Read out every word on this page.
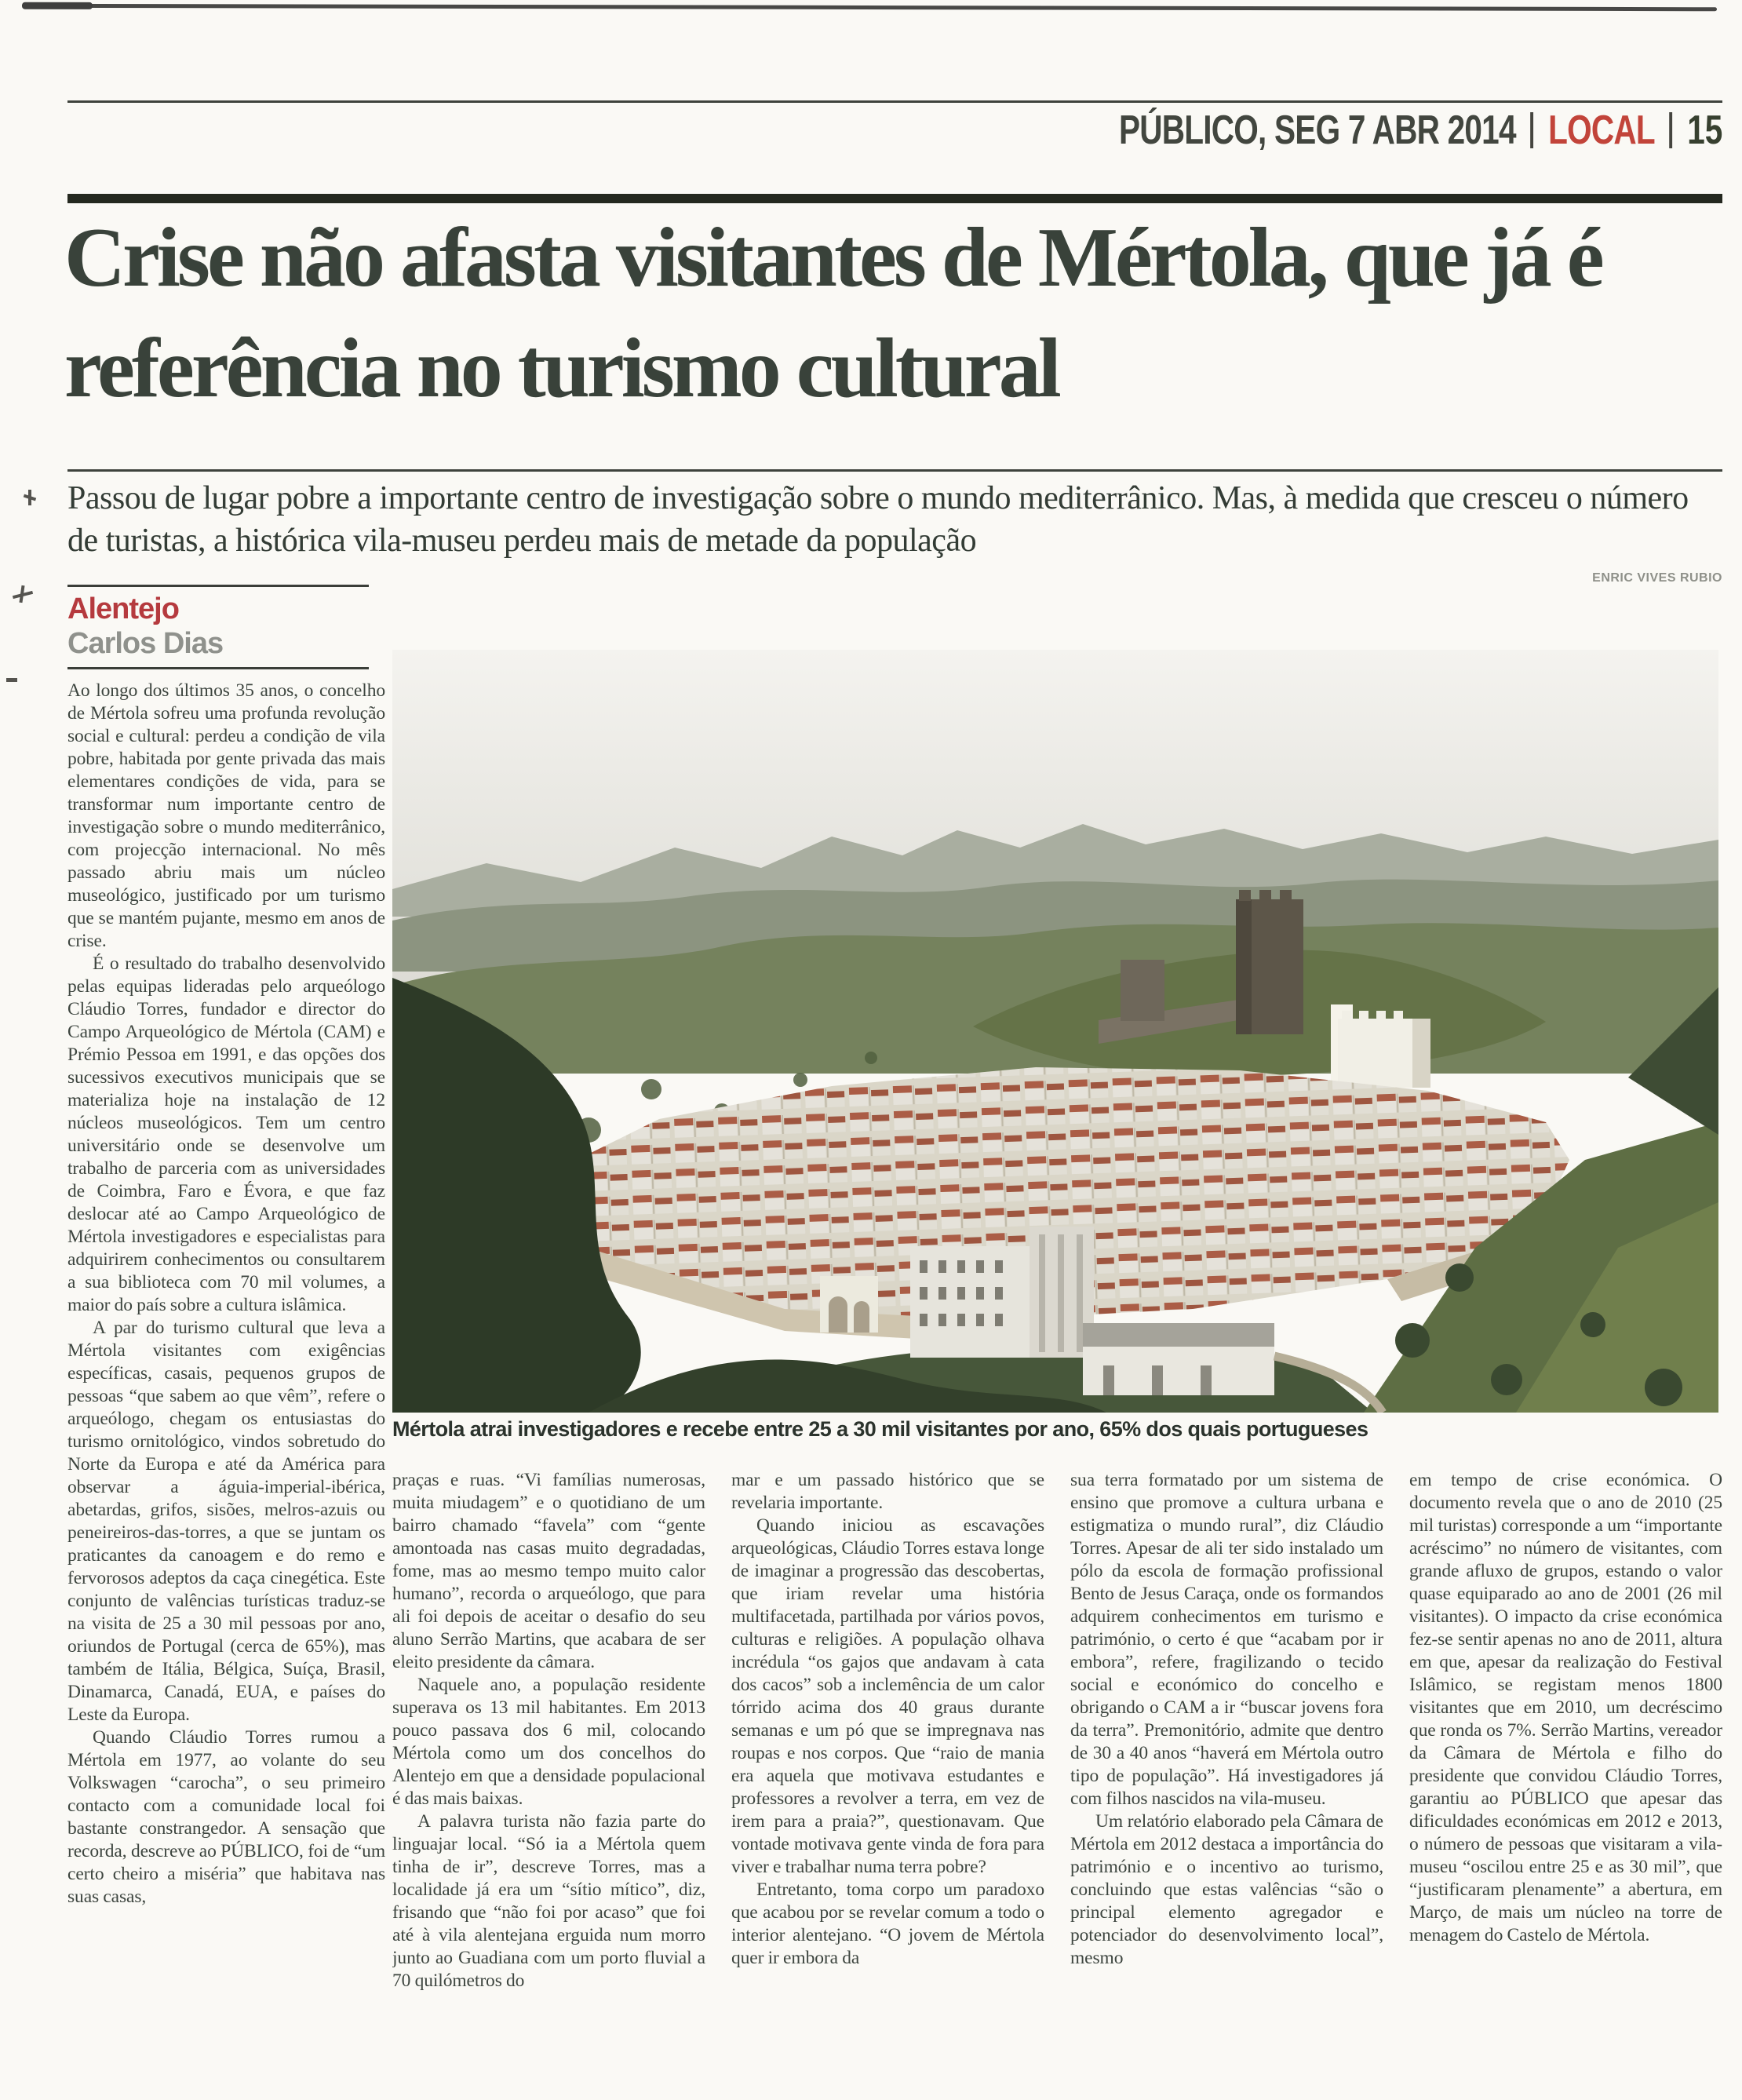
PÚBLICO, SEG 7 ABR 2014 LOCAL 15
Crise não afasta visitantes de Mértola, que já é referência no turismo cultural

Passou de lugar pobre a importante centro de investigação sobre o mundo mediterrânico. Mas, à medida que cresceu o número de turistas, a histórica vila-museu perdeu mais de metade da população

ENRIC VIVES RUBIO
Alentejo
Carlos Dias

Ao longo dos últimos 35 anos, o concelho de Mértola sofreu uma profunda revolução social e cultural: perdeu a condição de vila pobre, habitada por gente privada das mais elementares condições de vida, para se transformar num importante centro de investigação sobre o mundo mediterrânico, com projecção internacional. No mês passado abriu mais um núcleo museológico, justificado por um turismo que se mantém pujante, mesmo em anos de crise.

É o resultado do trabalho desenvolvido pelas equipas lideradas pelo arqueólogo Cláudio Torres, fundador e director do Campo Arqueológico de Mértola (CAM) e Prémio Pessoa em 1991, e das opções dos sucessivos executivos municipais que se materializa hoje na instalação de 12 núcleos museológicos. Tem um centro universitário onde se desenvolve um trabalho de parceria com as universidades de Coimbra, Faro e Évora, e que faz deslocar até ao Campo Arqueológico de Mértola investigadores e especialistas para adquirirem conhecimentos ou consultarem a sua biblioteca com 70 mil volumes, a maior do país sobre a cultura islâmica.

A par do turismo cultural que leva a Mértola visitantes com exigências específicas, casais, pequenos grupos de pessoas “que sabem ao que vêm”, refere o arqueólogo, chegam os entusiastas do turismo ornitológico, vindos sobretudo do Norte da Europa e até da América para observar a águia-imperial-ibérica, abetardas, grifos, sisões, melros-azuis ou peneireiros-das-torres, a que se juntam os praticantes da canoagem e do remo e fervorosos adeptos da caça cinegética. Este conjunto de valências turísticas traduz-se na visita de 25 a 30 mil pessoas por ano, oriundos de Portugal (cerca de 65%), mas também de Itália, Bélgica, Suíça, Brasil, Dinamarca, Canadá, EUA, e países do Leste da Europa.

Quando Cláudio Torres rumou a Mértola em 1977, ao volante do seu Volkswagen “carocha”, o seu primeiro contacto com a comunidade local foi bastante constrangedor. A sensação que recorda, descreve ao PÚBLICO, foi de “um certo cheiro a miséria” que habitava nas suas casas,

Mértola atrai investigadores e recebe entre 25 a 30 mil visitantes por ano, 65% dos quais portugueses

praças e ruas. “Vi famílias numerosas, muita miudagem” e o quotidiano de um bairro chamado “favela” com “gente amontoada nas casas muito degradadas, fome, mas ao mesmo tempo muito calor humano”, recorda o arqueólogo, que para ali foi depois de aceitar o desafio do seu aluno Serrão Martins, que acabara de ser eleito presidente da câmara.

Naquele ano, a população residente superava os 13 mil habitantes. Em 2013 pouco passava dos 6 mil, colocando Mértola como um dos concelhos do Alentejo em que a densidade populacional é das mais baixas.

A palavra turista não fazia parte do linguajar local. “Só ia a Mértola quem tinha de ir”, descreve Torres, mas a localidade já era um “sítio mítico”, diz, frisando que “não foi por acaso” que foi até à vila alentejana erguida num morro junto ao Guadiana com um porto fluvial a 70 quilómetros do

mar e um passado histórico que se revelaria importante.

Quando iniciou as escavações arqueológicas, Cláudio Torres estava longe de imaginar a progressão das descobertas, que iriam revelar uma história multifacetada, partilhada por vários povos, culturas e religiões. A população olhava incrédula “os gajos que andavam à cata dos cacos” sob a inclemência de um calor tórrido acima dos 40 graus durante semanas e um pó que se impregnava nas roupas e nos corpos. Que “raio de mania era aquela que motivava estudantes e professores a revolver a terra, em vez de irem para a praia?”, questionavam. Que vontade motivava gente vinda de fora para viver e trabalhar numa terra pobre?

Entretanto, toma corpo um paradoxo que acabou por se revelar comum a todo o interior alentejano. “O jovem de Mértola quer ir embora da

sua terra formatado por um sistema de ensino que promove a cultura urbana e estigmatiza o mundo rural”, diz Cláudio Torres. Apesar de ali ter sido instalado um pólo da escola de formação profissional Bento de Jesus Caraça, onde os formandos adquirem conhecimentos em turismo e património, o certo é que “acabam por ir embora”, refere, fragilizando o tecido social e económico do concelho e obrigando o CAM a ir “buscar jovens fora da terra”. Premonitório, admite que dentro de 30 a 40 anos “haverá em Mértola outro tipo de população”. Há investigadores já com filhos nascidos na vila-museu.

Um relatório elaborado pela Câmara de Mértola em 2012 destaca a importância do património e o incentivo ao turismo, concluindo que estas valências “são o principal elemento agregador e potenciador do desenvolvimento local”, mesmo

em tempo de crise económica. O documento revela que o ano de 2010 (25 mil turistas) corresponde a um “importante acréscimo” no número de visitantes, com grande afluxo de grupos, estando o valor quase equiparado ao ano de 2001 (26 mil visitantes). O impacto da crise económica fez-se sentir apenas no ano de 2011, altura em que, apesar da realização do Festival Islâmico, se registam menos 1800 visitantes que em 2010, um decréscimo que ronda os 7%. Serrão Martins, vereador da Câmara de Mértola e filho do presidente que convidou Cláudio Torres, garantiu ao PÚBLICO que apesar das dificuldades económicas em 2012 e 2013, o número de pessoas que visitaram a vila-museu “oscilou entre 25 e as 30 mil”, que “justificaram plenamente” a abertura, em Março, de mais um núcleo na torre de menagem do Castelo de Mértola.
